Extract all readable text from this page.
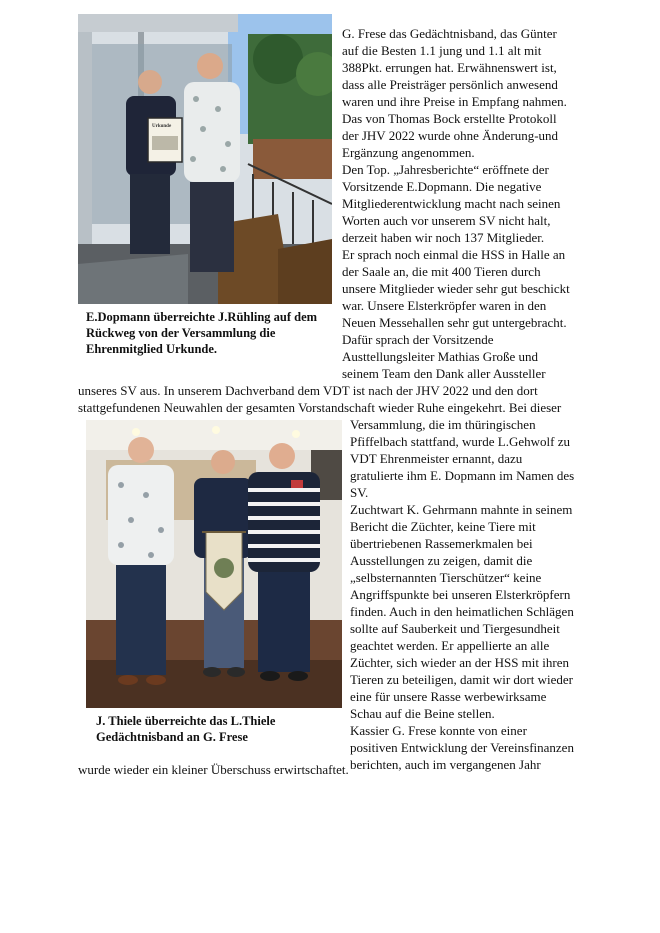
Urkunde
E.Dopmann überreichte J.Rühling auf dem
Rückweg von der Versammlung die
Ehrenmitglied Urkunde.
G. Frese das Gedächtnisband, das Günter
auf die Besten 1.1 jung und 1.1 alt mit
388Pkt. errungen hat. Erwähnenswert ist,
dass alle Preisträger persönlich anwesend
waren und ihre Preise in Empfang nahmen.
Das von Thomas Bock erstellte Protokoll
der JHV 2022 wurde ohne Änderung-und
Ergänzung angenommen.
Den Top. „Jahresberichte“ eröffnete der
Vorsitzende E.Dopmann. Die negative
Mitgliederentwicklung macht nach seinen
Worten auch vor unserem SV nicht halt,
derzeit haben wir noch 137 Mitglieder.
Er sprach noch einmal die HSS in Halle an
der Saale an, die mit 400 Tieren durch
unsere Mitglieder wieder sehr gut beschickt
war. Unsere Elsterkröpfer waren in den
Neuen Messehallen sehr gut untergebracht.
Dafür sprach der Vorsitzende
Austtellungsleiter Mathias Große und
seinem Team den Dank aller Aussteller
unseres SV aus. In unserem Dachverband dem VDT ist nach der JHV 2022 und den dort
stattgefundenen Neuwahlen der gesamten Vorstandschaft wieder Ruhe eingekehrt. Bei dieser
J. Thiele überreichte das L.Thiele
Gedächtnisband an G. Frese
Versammlung, die im thüringischen
Pfiffelbach stattfand, wurde L.Gehwolf zu
VDT Ehrenmeister ernannt, dazu
gratulierte ihm E. Dopmann im Namen des
SV.
Zuchtwart K. Gehrmann mahnte in seinem
Bericht die Züchter, keine Tiere mit
übertriebenen Rassemerkmalen bei
Ausstellungen zu zeigen, damit die
„selbsternannten Tierschützer“ keine
Angriffspunkte bei unseren Elsterkröpfern
finden. Auch in den heimatlichen Schlägen
sollte auf Sauberkeit und Tiergesundheit
geachtet werden. Er appellierte an alle
Züchter, sich wieder an der HSS mit ihren
Tieren zu beteiligen, damit wir dort wieder
eine für unsere Rasse werbewirksame
Schau auf die Beine stellen.
Kassier G. Frese konnte von einer
positiven Entwicklung der Vereinsfinanzen
berichten, auch im vergangenen Jahr
wurde wieder ein kleiner Überschuss erwirtschaftet.
